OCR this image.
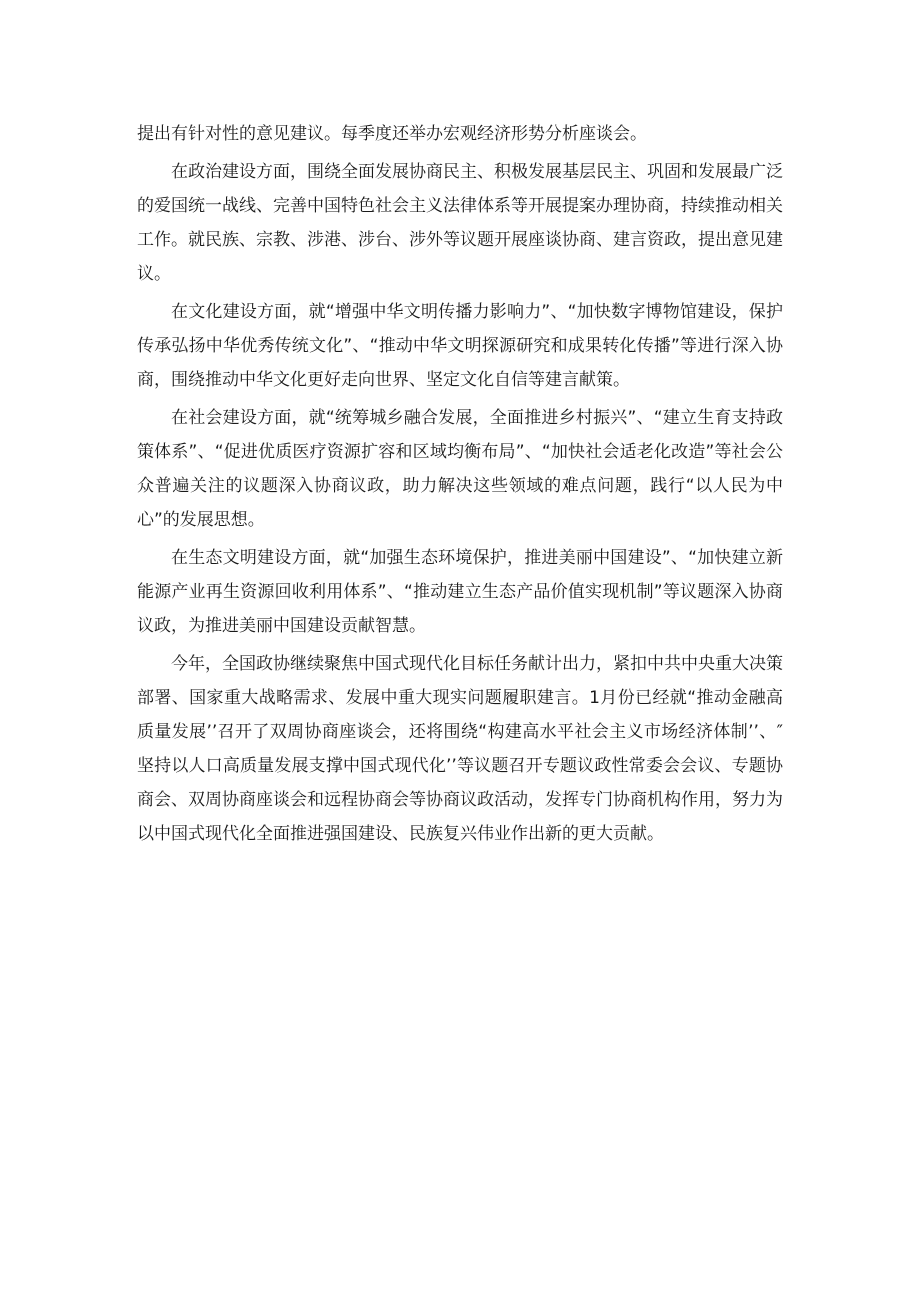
提出有针对性的意见建议。每季度还举办宏观经济形势分析座谈会。

在政治建设方面，围绕全面发展协商民主、积极发展基层民主、巩固和发展最广泛的爱国统一战线、完善中国特色社会主义法律体系等开展提案办理协商，持续推动相关工作。就民族、宗教、涉港、涉台、涉外等议题开展座谈协商、建言资政，提出意见建议。

在文化建设方面，就“增强中华文明传播力影响力”、“加快数字博物馆建设，保护传承弘扬中华优秀传统文化”、“推动中华文明探源研究和成果转化传播”等进行深入协商，围绕推动中华文化更好走向世界、坚定文化自信等建言献策。

在社会建设方面，就“统筹城乡融合发展，全面推进乡村振兴”、“建立生育支持政策体系”、“促进优质医疗资源扩容和区域均衡布局”、“加快社会适老化改造”等社会公众普遍关注的议题深入协商议政，助力解决这些领域的难点问题，践行“以人民为中心”的发展思想。

在生态文明建设方面，就“加强生态环境保护，推进美丽中国建设”、“加快建立新能源产业再生资源回收利用体系”、“推动建立生态产品价值实现机制”等议题深入协商议政，为推进美丽中国建设贡献智慧。

今年，全国政协继续聚焦中国式现代化目标任务献计出力，紧扣中共中央重大决策部署、国家重大战略需求、发展中重大现实问题履职建言。1月份已经就“推动金融高质量发展’’召开了双周协商座谈会，还将围绕“构建高水平社会主义市场经济体制’’、″坚持以人口高质量发展支撑中国式现代化’’等议题召开专题议政性常委会会议、专题协商会、双周协商座谈会和远程协商会等协商议政活动，发挥专门协商机构作用，努力为以中国式现代化全面推进强国建设、民族复兴伟业作出新的更大贡献。
